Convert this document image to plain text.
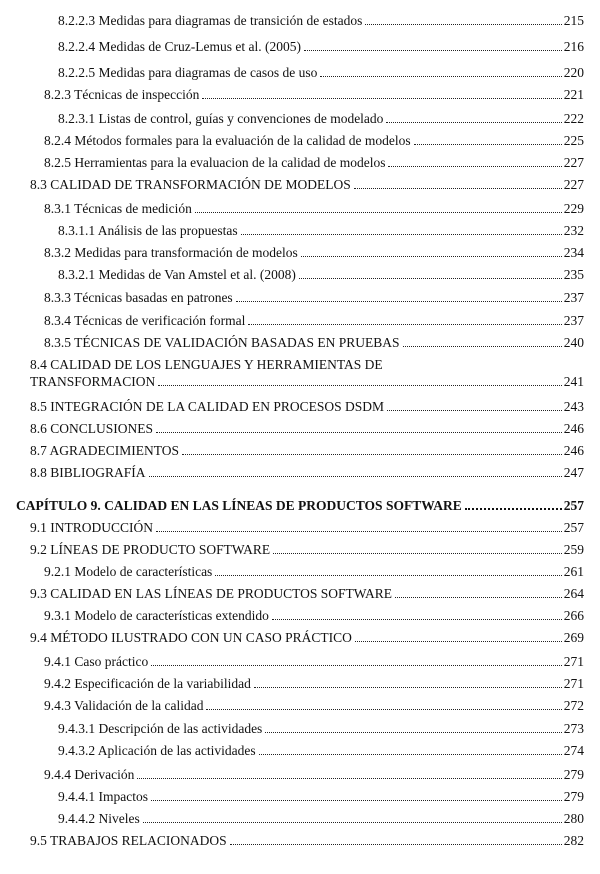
8.2.2.3 Medidas para diagramas de transición de estados	215
8.2.2.4 Medidas de Cruz-Lemus et al. (2005)	216
8.2.2.5 Medidas para diagramas de casos de uso	220
8.2.3 Técnicas de inspección	221
8.2.3.1 Listas de control, guías y convenciones de modelado	222
8.2.4 Métodos formales para la evaluación de la calidad de modelos	225
8.2.5 Herramientas para la evaluacion de la calidad de modelos	227
8.3 CALIDAD DE TRANSFORMACIÓN DE MODELOS	227
8.3.1 Técnicas de medición	229
8.3.1.1 Análisis de las propuestas	232
8.3.2 Medidas para transformación de modelos	234
8.3.2.1 Medidas de Van Amstel et al. (2008)	235
8.3.3 Técnicas basadas en patrones	237
8.3.4 Técnicas de verificación formal	237
8.3.5 TÉCNICAS DE VALIDACIÓN BASADAS EN PRUEBAS	240
8.4 CALIDAD DE LOS LENGUAJES Y HERRAMIENTAS DE
TRANSFORMACION	241
8.5 INTEGRACIÓN DE LA CALIDAD EN PROCESOS DSDM	243
8.6 CONCLUSIONES	246
8.7 AGRADECIMIENTOS	246
8.8 BIBLIOGRAFÍA	247
CAPÍTULO 9. CALIDAD EN LAS LÍNEAS DE PRODUCTOS SOFTWARE	257
9.1 INTRODUCCIÓN	257
9.2 LÍNEAS DE PRODUCTO SOFTWARE	259
9.2.1 Modelo de características	261
9.3 CALIDAD EN LAS LÍNEAS DE PRODUCTOS SOFTWARE	264
9.3.1 Modelo de características extendido	266
9.4 MÉTODO ILUSTRADO CON UN CASO PRÁCTICO	269
9.4.1 Caso práctico	271
9.4.2 Especificación de la variabilidad	271
9.4.3 Validación de la calidad	272
9.4.3.1 Descripción de las actividades	273
9.4.3.2 Aplicación de las actividades	274
9.4.4 Derivación	279
9.4.4.1 Impactos	279
9.4.4.2 Niveles	280
9.5 TRABAJOS RELACIONADOS	282
